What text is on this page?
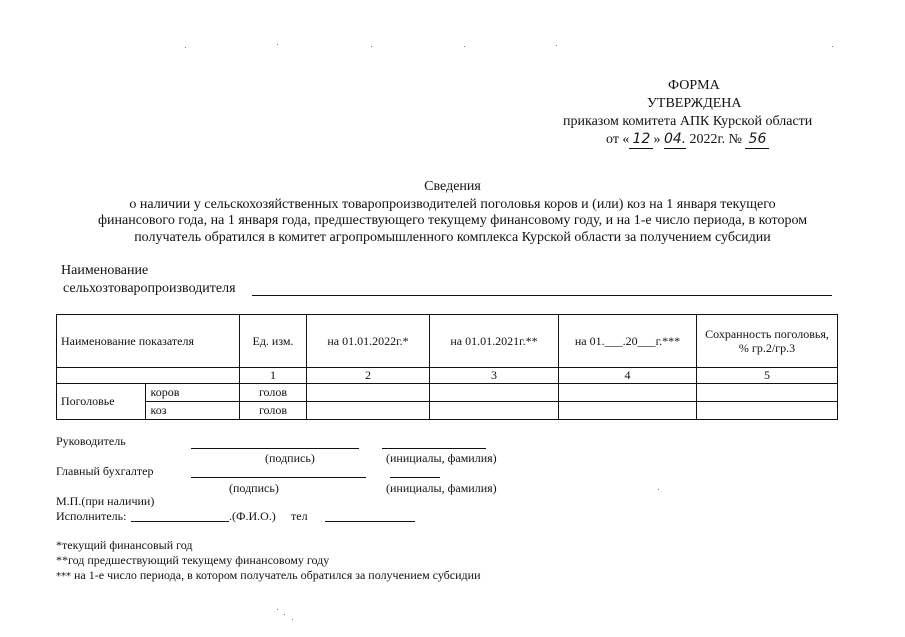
ФОРМА
УТВЕРЖДЕНА
приказом комитета АПК Курской области
от « 12 » 04. 2022г. № 56
Сведения
о наличии у сельскохозяйственных товаропроизводителей поголовья коров и (или) коз на 1 января текущего
финансового года, на 1 января года, предшествующего текущему финансовому году, и на 1-е число периода, в котором
получатель обратился в комитет агропромышленного комплекса Курской области за получением субсидии
Наименование
сельхозтоваропроизводителя
Наименование показателя		Ед. изм.	на 01.01.2022г.*	на 01.01.2021г.**	на 01.___.20___г.***	Сохранность поголовья, % гр.2/гр.3
		1	2	3	4	5
Поголовье	коров	голов				
	коз	голов				
Руководитель
(подпись)	(инициалы, фамилия)
Главный бухгалтер
(подпись)	(инициалы, фамилия)
М.П.(при наличии)
Исполнитель:	.(Ф.И.О.) тел
*текущий финансовый год
**год предшествующий текущему финансовому году
*** на 1-е число периода, в котором получатель обратился за получением субсидии
